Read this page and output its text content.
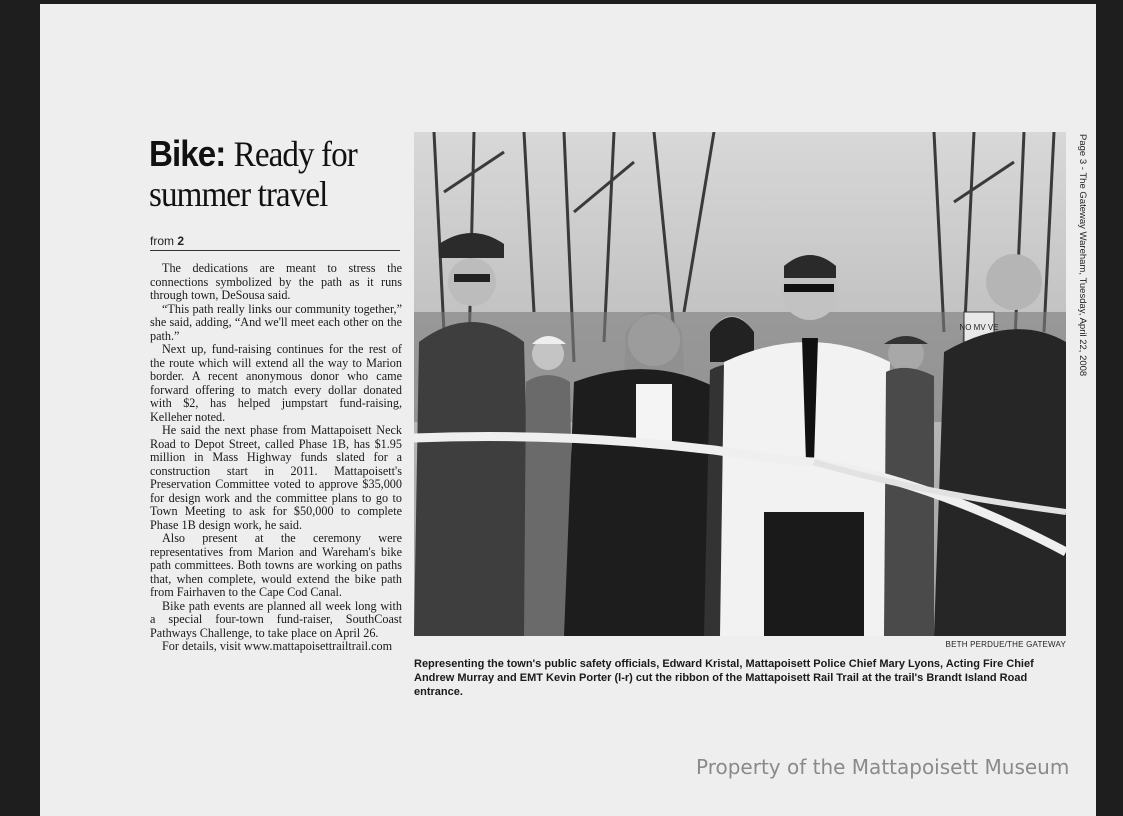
Bike: Ready for summer travel
from 2

The dedications are meant to stress the connections symbolized by the path as it runs through town, DeSousa said.

“This path really links our community together,” she said, adding, “And we'll meet each other on the path.”

Next up, fund-raising continues for the rest of the route which will extend all the way to Marion border. A recent anonymous donor who came forward offering to match every dollar donated with $2, has helped jumpstart fund-raising, Kelleher noted.

He said the next phase from Mattapoisett Neck Road to Depot Street, called Phase 1B, has $1.95 million in Mass Highway funds slated for a construction start in 2011. Mattapoisett's Preservation Committee voted to approve $35,000 for design work and the committee plans to go to Town Meeting to ask for $50,000 to complete Phase 1B design work, he said.

Also present at the ceremony were representatives from Marion and Wareham's bike path committees. Both towns are working on paths that, when complete, would extend the bike path from Fairhaven to the Cape Cod Canal.

Bike path events are planned all week long with a special four-town fund-raiser, SouthCoast Pathways Challenge, to take place on April 26.

For details, visit www.mattapoisettrailtrail.com

NO MV VE
BETH PERDUE/THE GATEWAY
Representing the town's public safety officials, Edward Kristal, Mattapoisett Police Chief Mary Lyons, Acting Fire Chief Andrew Murray and EMT Kevin Porter (l-r) cut the ribbon of the Mattapoisett Rail Trail at the trail's Brandt Island Road entrance.
Page 3 - The Gateway Wareham, Tuesday, April 22, 2008
Property of the Mattapoisett Museum
